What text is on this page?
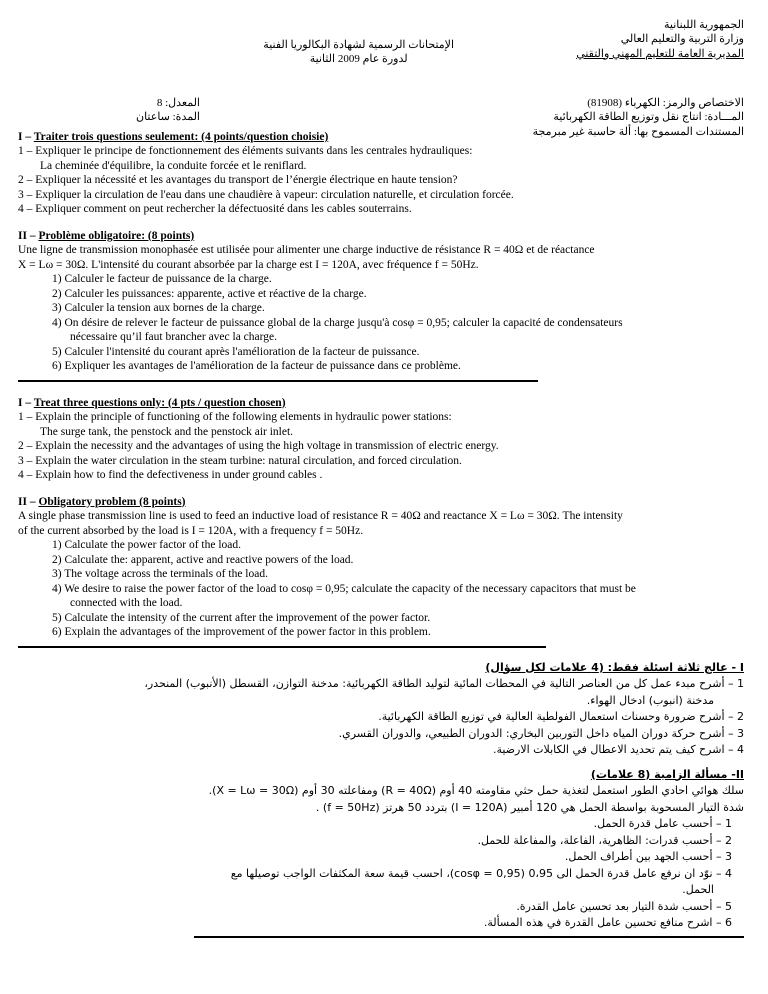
الجمهورية اللبنانية
وزارة التربية والتعليم العالي
المديرية العامة للتعليم المهني والتقني
الإمتحانات الرسمية لشهادة البكالوريا الفنية
لدورة عام 2009 الثانية
الاختصاص والرمز: الكهرباء (81908)
المـــادة: انتاج نقل وتوزيع الطاقة الكهربائية
المستندات المسموح بها: ألة حاسبة غير مبرمجة
المعدل: 8
المدة: ساعتان

I – Traiter trois questions seulement: (4 points/question choisie)

1 – Expliquer le principe de fonctionnement des éléments suivants dans les centrales hydrauliques:

La cheminée d'équilibre, la conduite forcée et le reniflard.

2 – Expliquer la nécessité et les avantages du transport de l’énergie électrique en haute tension?

3 – Expliquer la circulation de l'eau dans une chaudière à vapeur: circulation naturelle, et circulation forcée.

4 – Expliquer comment on peut rechercher la défectuosité dans les cables souterrains.

II – Problème obligatoire: (8 points)

Une ligne de transmission monophasée est utilisée pour alimenter une charge inductive de résistance R = 40Ω et de réactance

X = Lω = 30Ω. L'intensité du courant absorbée par la charge est I = 120A, avec fréquence f = 50Hz.

1) Calculer le facteur de puissance de la charge.

2) Calculer les puissances: apparente, active et réactive de la charge.

3) Calculer la tension aux bornes de la charge.

4) On désire de relever le facteur de puissance global de la charge jusqu'à cosφ = 0,95; calculer la capacité de condensateurs

nécessaire qu’il faut brancher avec la charge.

5) Calculer l'intensité du courant après l'amélioration de la facteur de puissance.

6) Expliquer les avantages de l'amélioration de la facteur de puissance dans ce problème.

I – Treat three questions only: (4 pts / question chosen)

1 – Explain the principle of functioning of the following elements in hydraulic power stations:

The surge tank, the penstock and the penstock air inlet.

2 – Explain the necessity and the advantages of using the high voltage in transmission of electric energy.

3 – Explain the water circulation in the steam turbine: natural circulation, and forced circulation.

4 – Explain how to find the defectiveness in under ground cables .

II – Obligatory problem (8 points)

A single phase transmission line is used to feed an inductive load of resistance R = 40Ω and reactance X = Lω = 30Ω. The intensity

of the current absorbed by the load is I = 120A, with a frequency f = 50Hz.

1) Calculate the power factor of the load.

2) Calculate the: apparent, active and reactive powers of the load.

3) The voltage across the terminals of the load.

4) We desire to raise the power factor of the load to cosφ = 0,95; calculate the capacity of the necessary capacitors that must be

connected with the load.

5) Calculate the intensity of the current after the improvement of the power factor.

6) Explain the advantages of the improvement of the power factor in this problem.

I - عالج ثلاثة اسئلة فقط: (4 علامات لكل سؤال)

1 – أشرح مبدء عمل كل من العناصر التالية في المحطات المائية لتوليد الطاقة الكهربائية: مدخنة التوازن، القسطل (الأنبوب) المنحدر،

مدخنة (انبوب) ادخال الهواء.

2 – أشرح ضرورة وحسنات استعمال الفولطية العالية في توزيع الطاقة الكهربائية.

3 – أشرح حركة دوران المياه داخل التوربين البخاري: الدوران الطبيعي، والدوران القسري.

4 – اشرح كيف يتم تحديد الاعطال في الكابلات الارضية.

II- مسألة الزامية (8 علامات)

سلك هوائي احادي الطور استعمل لتغذية حمل حثي مقاومته 40 أوم (R = 40Ω) ومفاعلته 30 أوم (X = Lω = 30Ω).

شدة التيار المسحوبة بواسطة الحمل هي 120 أمبير (I = 120A) بتردد 50 هرتز (f = 50Hz) .

1 – أحسب عامل قدرة الحمل.

2 – أحسب قدرات: الظاهرية، الفاعلة، والمفاعلة للحمل.

3 – أحسب الجهد بين أطراف الحمل.

4 – نوّد ان نرفع عامل قدرة الحمل الى 0،95 (cosφ = 0,95)، احسب قيمة سعة المكثفات الواجب توصيلها مع

الحمل.

5 – أحسب شدة التيار بعد تحسين عامل القدرة.

6 – اشرح منافع تحسين عامل القدرة في هذه المسألة.
